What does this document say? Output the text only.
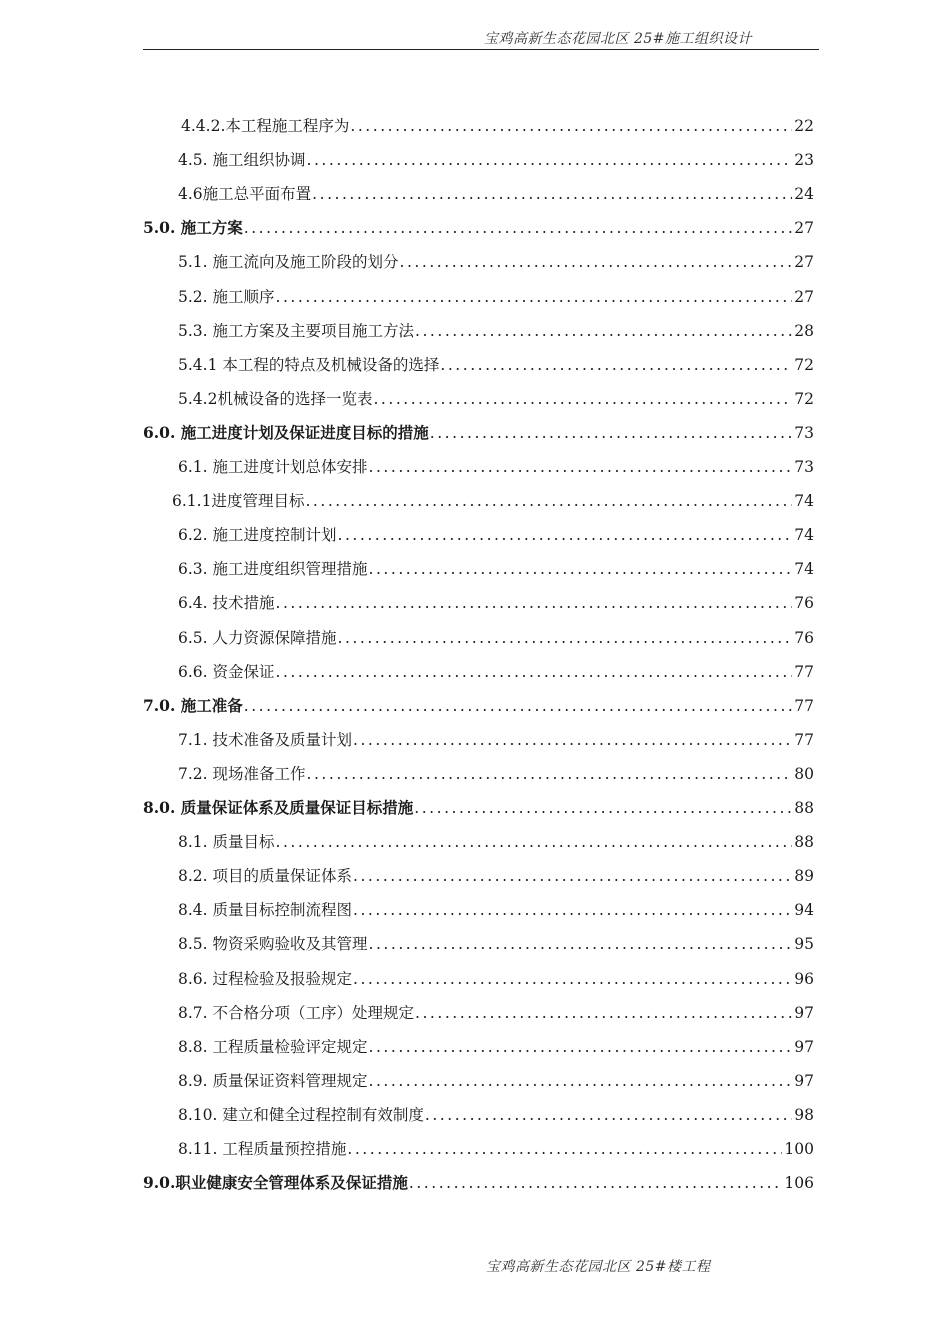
宝鸡高新生态花园北区 25#施工组织设计
4.4.2.本工程施工程序为 . . .	22
4.5. 施工组织协调 . . .	23
4.6施工总平面布置 . . .	24
5.0. 施工方案 . . .	27
5.1. 施工流向及施工阶段的划分 . . .	27
5.2. 施工顺序 . . .	27
5.3. 施工方案及主要项目施工方法 . . .	28
5.4.1 本工程的特点及机械设备的选择 . . .	72
5.4.2机械设备的选择一览表 . . .	72
6.0. 施工进度计划及保证进度目标的措施 . . .	73
6.1. 施工进度计划总体安排 . . .	73
6.1.1进度管理目标 . . .	74
6.2. 施工进度控制计划 . . .	74
6.3. 施工进度组织管理措施 . . .	74
6.4. 技术措施 . . .	76
6.5. 人力资源保障措施 . . .	76
6.6. 资金保证 . . .	77
7.0. 施工准备 . . .	77
7.1. 技术准备及质量计划 . . .	77
7.2. 现场准备工作 . . .	80
8.0. 质量保证体系及质量保证目标措施 . . .	88
8.1. 质量目标 . . .	88
8.2. 项目的质量保证体系 . . .	89
8.4. 质量目标控制流程图 . . .	94
8.5. 物资采购验收及其管理 . . .	95
8.6. 过程检验及报验规定 . . .	96
8.7. 不合格分项（工序）处理规定 . . .	97
8.8. 工程质量检验评定规定 . . .	97
8.9. 质量保证资料管理规定 . . .	97
8.10. 建立和健全过程控制有效制度 . . .	98
8.11. 工程质量预控措施 . . .	100
9.0.职业健康安全管理体系及保证措施 . . .	106
宝鸡高新生态花园北区 25#楼工程
